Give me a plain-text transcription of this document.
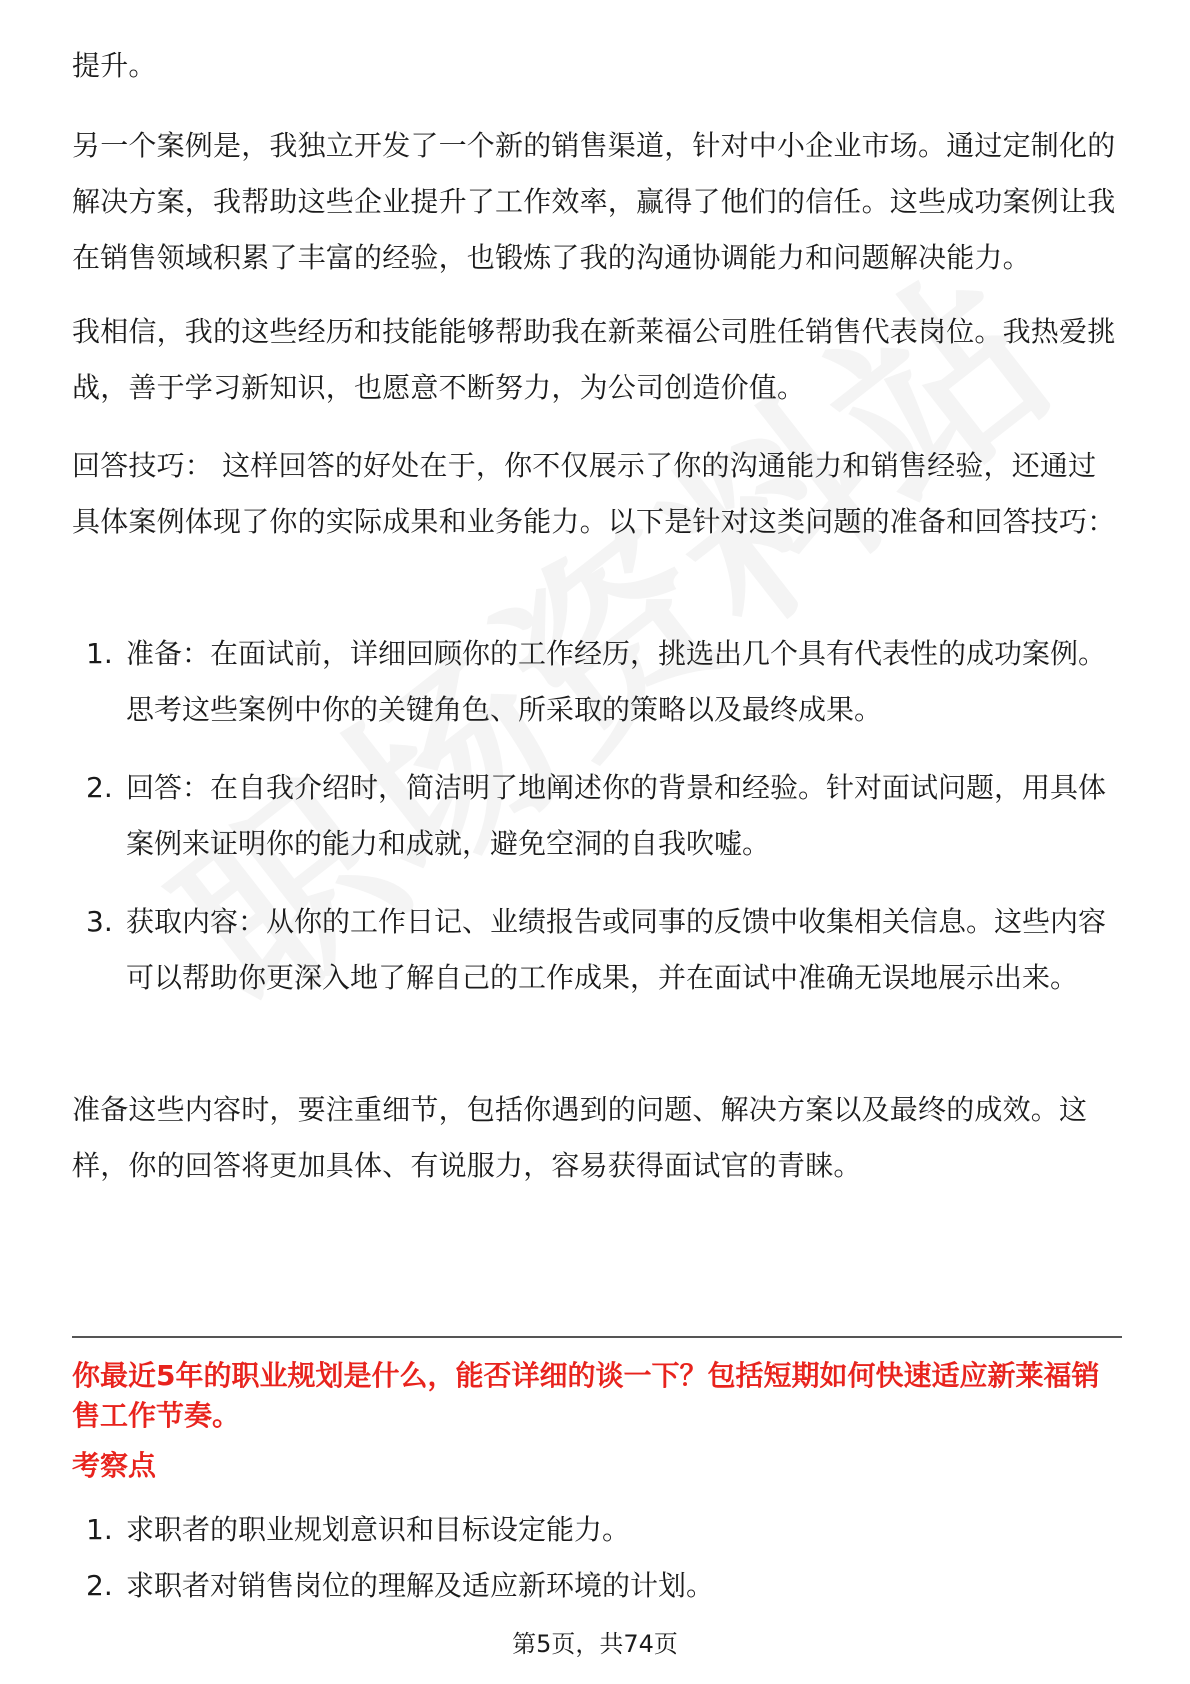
提升。

另一个案例是，我独立开发了一个新的销售渠道，针对中小企业市场。通过定制化的解决方案，我帮助这些企业提升了工作效率，赢得了他们的信任。这些成功案例让我在销售领域积累了丰富的经验，也锻炼了我的沟通协调能力和问题解决能力。

我相信，我的这些经历和技能能够帮助我在新莱福公司胜任销售代表岗位。我热爱挑战，善于学习新知识，也愿意不断努力，为公司创造价值。

回答技巧： 这样回答的好处在于，你不仅展示了你的沟通能力和销售经验，还通过具体案例体现了你的实际成果和业务能力。以下是针对这类问题的准备和回答技巧：

1. 准备：在面试前，详细回顾你的工作经历，挑选出几个具有代表性的成功案例。思考这些案例中你的关键角色、所采取的策略以及最终成果。
2. 回答：在自我介绍时，简洁明了地阐述你的背景和经验。针对面试问题，用具体案例来证明你的能力和成就，避免空洞的自我吹嘘。
3. 获取内容：从你的工作日记、业绩报告或同事的反馈中收集相关信息。这些内容可以帮助你更深入地了解自己的工作成果，并在面试中准确无误地展示出来。

准备这些内容时，要注重细节，包括你遇到的问题、解决方案以及最终的成效。这样，你的回答将更加具体、有说服力，容易获得面试官的青睐。

你最近5年的职业规划是什么，能否详细的谈一下？包括短期如何快速适应新莱福销售工作节奏。
考察点
1. 求职者的职业规划意识和目标设定能力。
2. 求职者对销售岗位的理解及适应新环境的计划。
第5页，共74页
